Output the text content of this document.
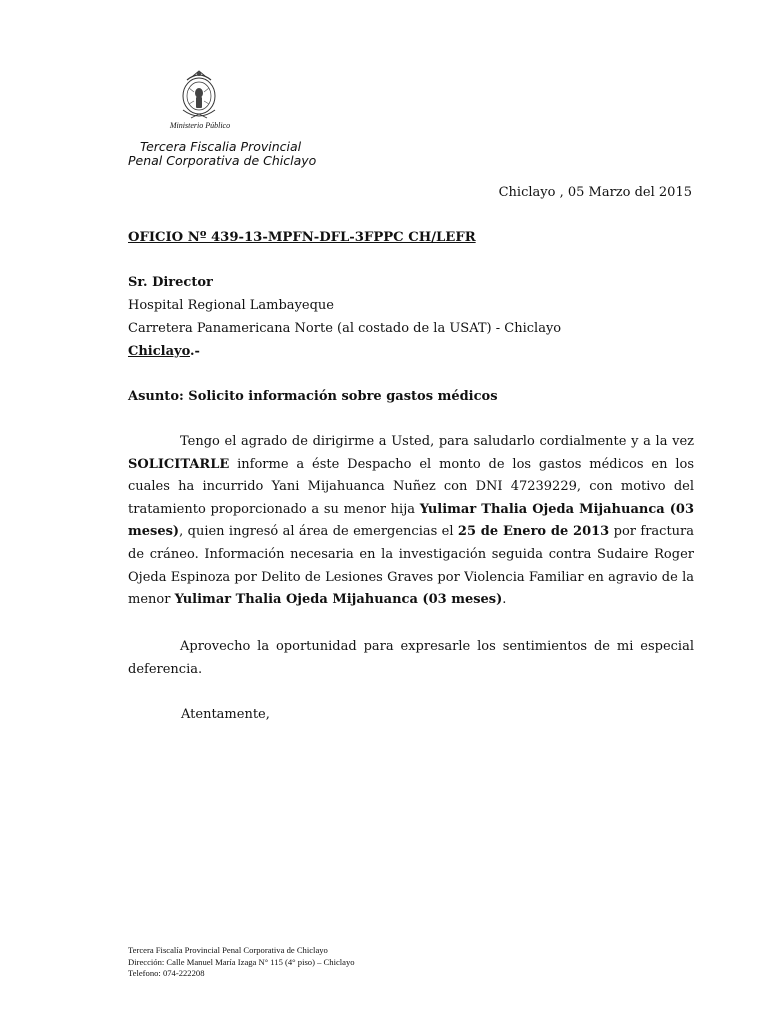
Ministerio Público
Tercera Fiscalia Provincial
Penal Corporativa de Chiclayo
Chiclayo , 05 Marzo del 2015
OFICIO Nº 439-13-MPFN-DFL-3FPPC CH/LEFR
Sr. Director
Hospital Regional Lambayeque
Carretera Panamericana Norte (al costado de la USAT) - Chiclayo
Chiclayo.-
Asunto: Solicito información sobre gastos médicos
Tengo el agrado de dirigirme a Usted, para saludarlo cordialmente y a la vez SOLICITARLE informe a éste Despacho el monto de los gastos médicos en los cuales ha incurrido Yani Mijahuanca Nuñez con DNI 47239229, con motivo del tratamiento proporcionado a su menor hija Yulimar Thalia Ojeda Mijahuanca (03 meses), quien ingresó al área de emergencias el 25 de Enero de 2013 por fractura de cráneo. Información necesaria en la investigación seguida contra Sudaire Roger Ojeda Espinoza por Delito de Lesiones Graves por Violencia Familiar en agravio de la menor Yulimar Thalia Ojeda Mijahuanca (03 meses).
Aprovecho la oportunidad para expresarle los sentimientos de mi especial deferencia.
Atentamente,
Tercera Fiscalía Provincial Penal Corporativa de Chiclayo
Dirección: Calle Manuel María Izaga N° 115 (4° piso) – Chiclayo
Telefono: 074-222208
